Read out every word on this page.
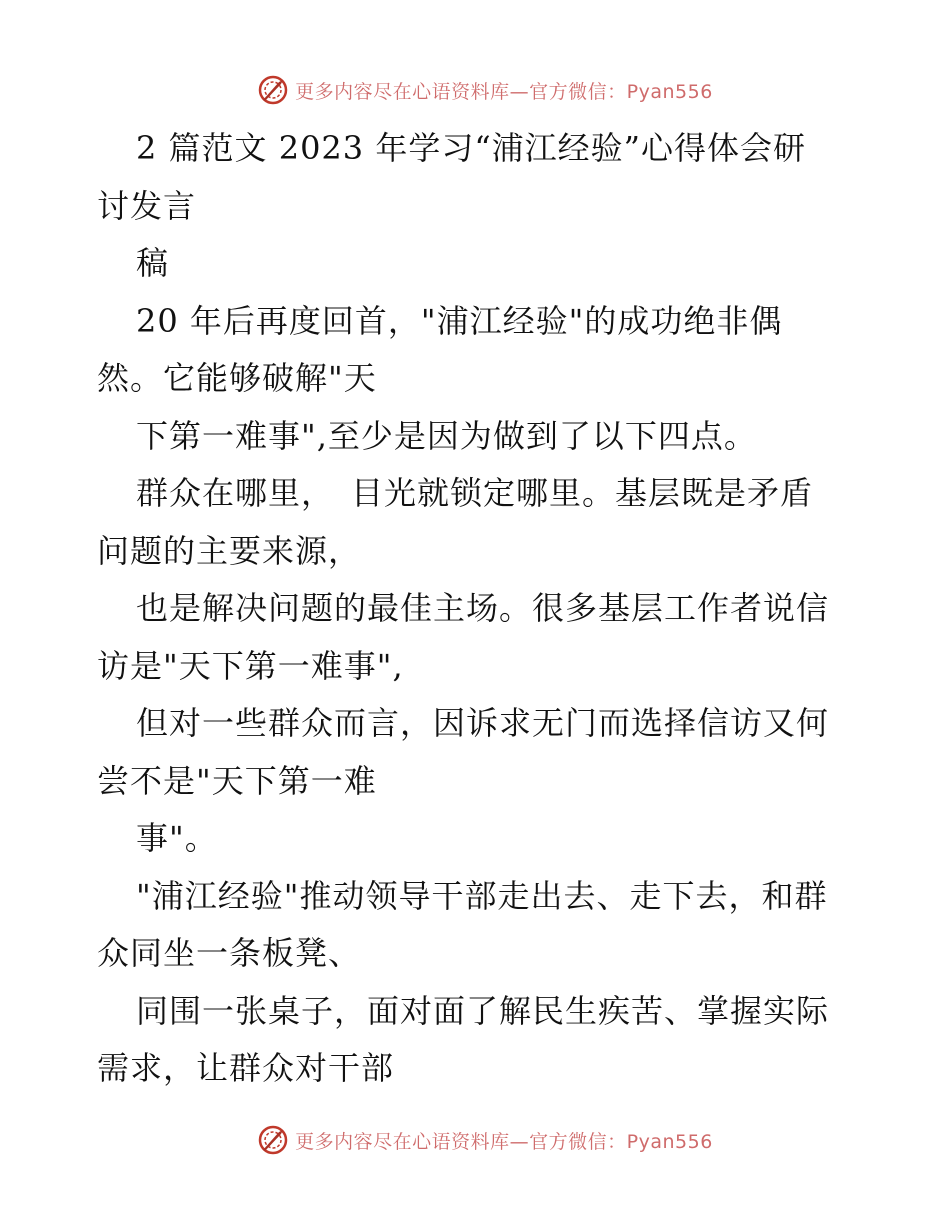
更多内容尽在心语资料库—官方微信：Pyan556
2 篇范文 2023 年学习“浦江经验”心得体会研
讨发言
稿
20 年后再度回首，"浦江经验"的成功绝非偶
然。它能够破解"天
下第一难事",至少是因为做到了以下四点。
群众在哪里，　目光就锁定哪里。基层既是矛盾
问题的主要来源，
也是解决问题的最佳主场。很多基层工作者说信
访是"天下第一难事",
但对一些群众而言，因诉求无门而选择信访又何
尝不是"天下第一难
事"。
"浦江经验"推动领导干部走出去、走下去，和群
众同坐一条板凳、
同围一张桌子，面对面了解民生疾苦、掌握实际
需求，让群众对干部
更多内容尽在心语资料库—官方微信：Pyan556
